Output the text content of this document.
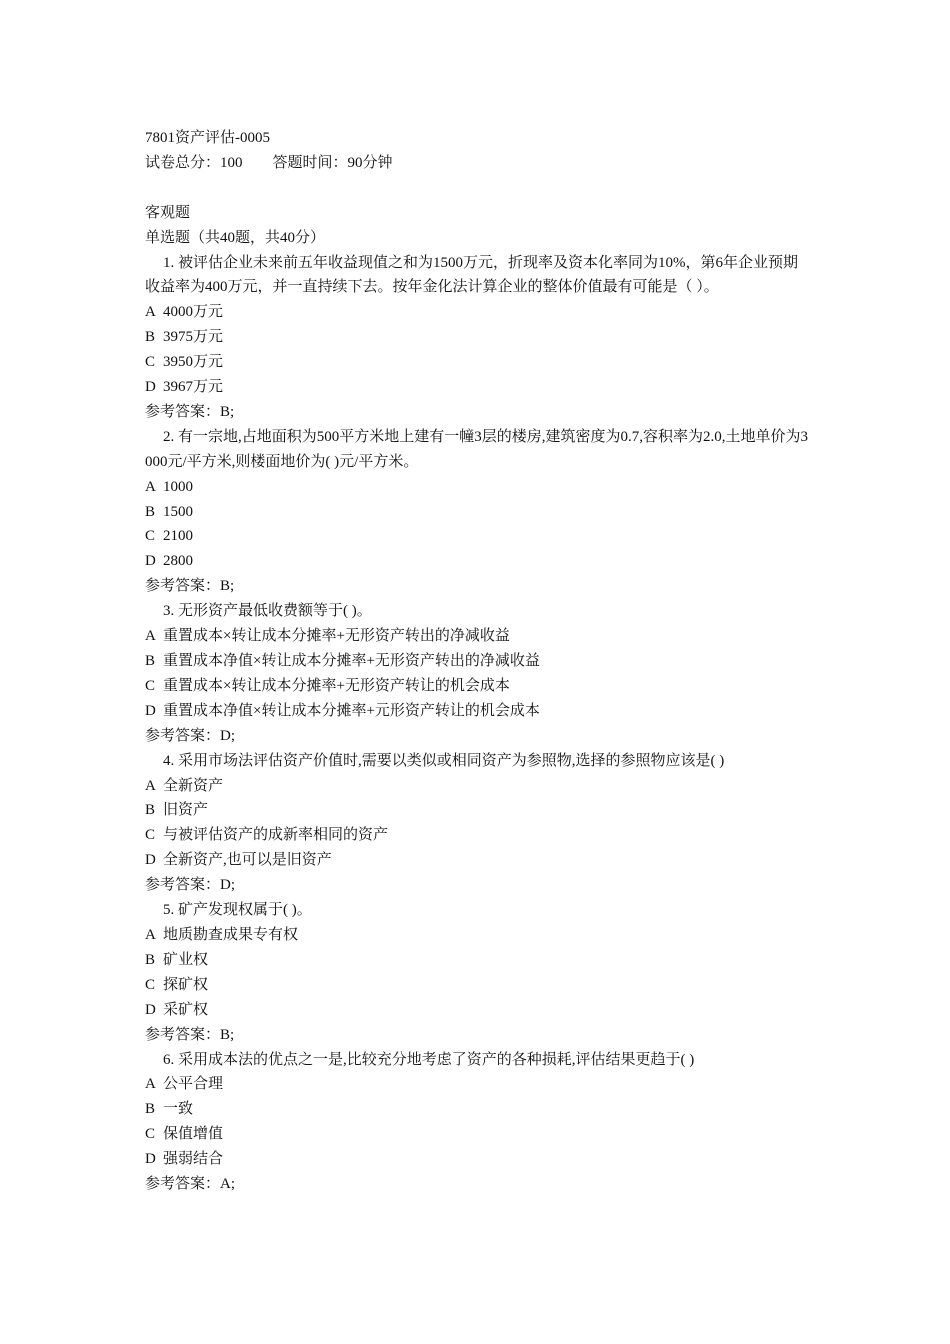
7801资产评估-0005
试卷总分：100 答题时间：90分钟
客观题
单选题（共40题，共40分）
1. 被评估企业未来前五年收益现值之和为1500万元，折现率及资本化率同为10%，第6年企业预期收益率为400万元，并一直持续下去。按年金化法计算企业的整体价值最有可能是（ ）。
A 4000万元
B 3975万元
C 3950万元
D 3967万元
参考答案：B;
2. 有一宗地,占地面积为500平方米地上建有一幢3层的楼房,建筑密度为0.7,容积率为2.0,土地单价为3000元/平方米,则楼面地价为( )元/平方米。
A 1000
B 1500
C 2100
D 2800
参考答案：B;
3. 无形资产最低收费额等于( )。
A 重置成本×转让成本分摊率+无形资产转出的净减收益
B 重置成本净值×转让成本分摊率+无形资产转出的净减收益
C 重置成本×转让成本分摊率+无形资产转让的机会成本
D 重置成本净值×转让成本分摊率+元形资产转让的机会成本
参考答案：D;
4. 采用市场法评估资产价值时,需要以类似或相同资产为参照物,选择的参照物应该是( )
A 全新资产
B 旧资产
C 与被评估资产的成新率相同的资产
D 全新资产,也可以是旧资产
参考答案：D;
5. 矿产发现权属于( )。
A 地质勘查成果专有权
B 矿业权
C 探矿权
D 采矿权
参考答案：B;
6. 采用成本法的优点之一是,比较充分地考虑了资产的各种损耗,评估结果更趋于( )
A 公平合理
B 一致
C 保值增值
D 强弱结合
参考答案：A;
